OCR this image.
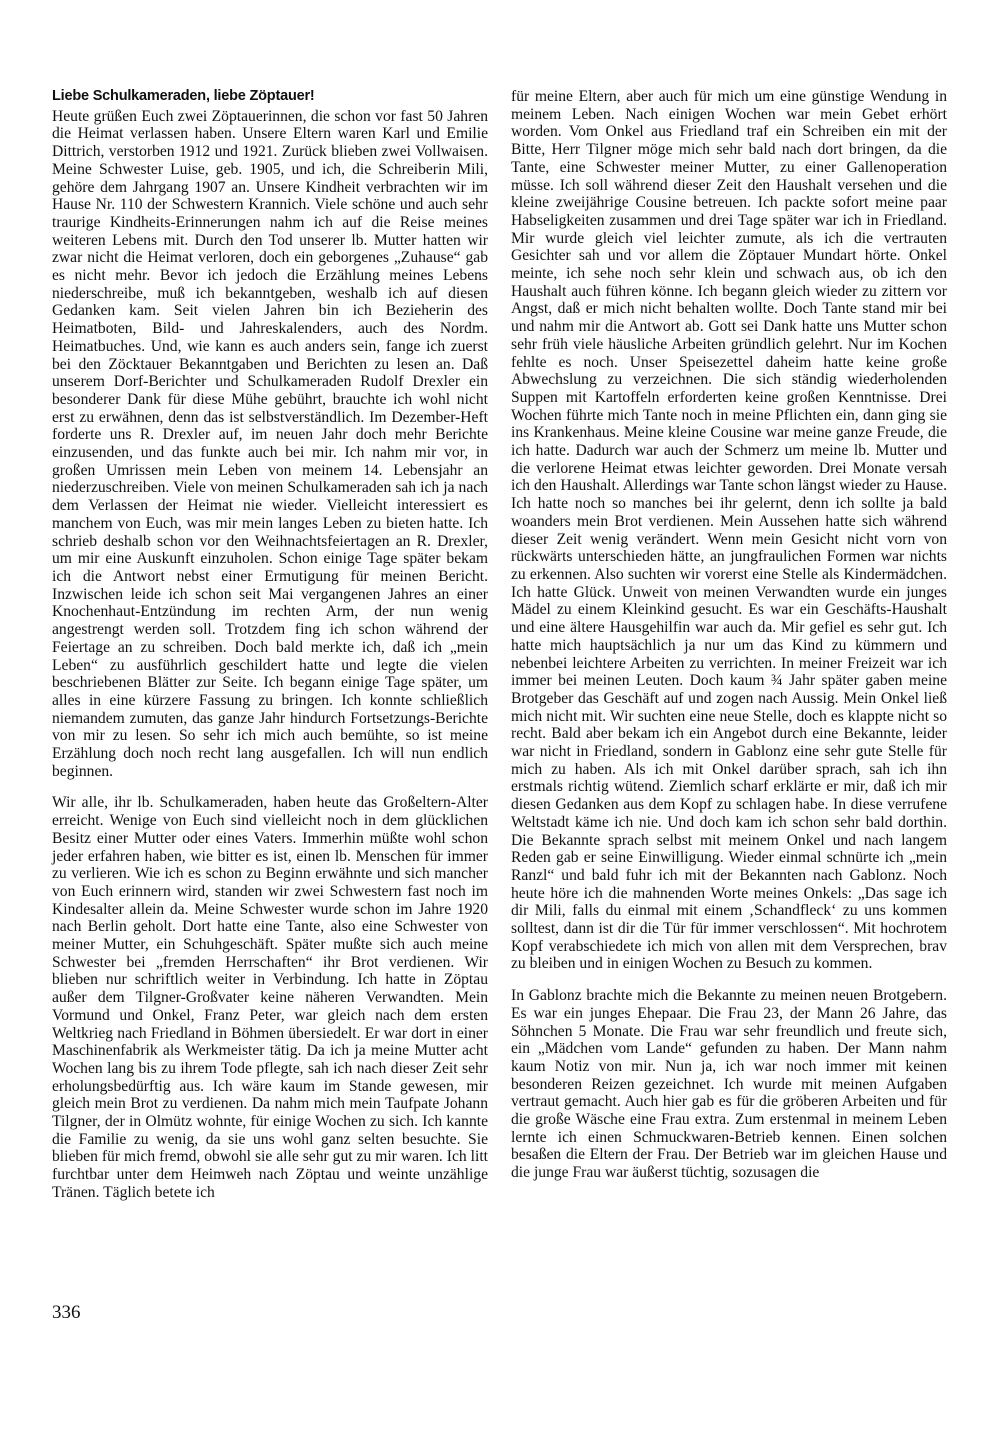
Liebe Schulkameraden, liebe Zöptauer!
Heute grüßen Euch zwei Zöptauerinnen, die schon vor fast 50 Jahren die Heimat verlassen haben. Unsere Eltern waren Karl und Emilie Dittrich, verstorben 1912 und 1921. Zurück blieben zwei Vollwaisen. Meine Schwester Luise, geb. 1905, und ich, die Schreiberin Mili, gehöre dem Jahrgang 1907 an. Unsere Kindheit verbrachten wir im Hause Nr. 110 der Schwestern Krannich. Viele schöne und auch sehr traurige Kindheits-Erinnerungen nahm ich auf die Reise meines weiteren Lebens mit. Durch den Tod unserer lb. Mutter hatten wir zwar nicht die Heimat verloren, doch ein geborgenes „Zuhause“ gab es nicht mehr. Bevor ich jedoch die Erzählung meines Lebens niederschreibe, muß ich bekanntgeben, weshalb ich auf diesen Gedanken kam. Seit vielen Jahren bin ich Bezieherin des Heimatboten, Bild- und Jahreskalenders, auch des Nordm. Heimatbuches. Und, wie kann es auch anders sein, fange ich zuerst bei den Zöcktauer Bekanntgaben und Berichten zu lesen an. Daß unserem Dorf-Berichter und Schulkameraden Rudolf Drexler ein besonderer Dank für diese Mühe gebührt, brauchte ich wohl nicht erst zu erwähnen, denn das ist selbstverständlich. Im Dezember-Heft forderte uns R. Drexler auf, im neuen Jahr doch mehr Berichte einzusenden, und das funkte auch bei mir. Ich nahm mir vor, in großen Umrissen mein Leben von meinem 14. Lebensjahr an niederzuschreiben. Viele von meinen Schulkameraden sah ich ja nach dem Verlassen der Heimat nie wieder. Vielleicht interessiert es manchem von Euch, was mir mein langes Leben zu bieten hatte. Ich schrieb deshalb schon vor den Weihnachtsfeiertagen an R. Drexler, um mir eine Auskunft einzuholen. Schon einige Tage später bekam ich die Antwort nebst einer Ermutigung für meinen Bericht. Inzwischen leide ich schon seit Mai vergangenen Jahres an einer Knochenhaut-Entzündung im rechten Arm, der nun wenig angestrengt werden soll. Trotzdem fing ich schon während der Feiertage an zu schreiben. Doch bald merkte ich, daß ich „mein Leben“ zu ausführlich geschildert hatte und legte die vielen beschriebenen Blätter zur Seite. Ich begann einige Tage später, um alles in eine kürzere Fassung zu bringen. Ich konnte schließlich niemandem zumuten, das ganze Jahr hindurch Fortsetzungs-Berichte von mir zu lesen. So sehr ich mich auch bemühte, so ist meine Erzählung doch noch recht lang ausgefallen. Ich will nun endlich beginnen.

Wir alle, ihr lb. Schulkameraden, haben heute das Großeltern-Alter erreicht. Wenige von Euch sind vielleicht noch in dem glücklichen Besitz einer Mutter oder eines Vaters. Immerhin müßte wohl schon jeder erfahren haben, wie bitter es ist, einen lb. Menschen für immer zu verlieren. Wie ich es schon zu Beginn erwähnte und sich mancher von Euch erinnern wird, standen wir zwei Schwestern fast noch im Kindesalter allein da. Meine Schwester wurde schon im Jahre 1920 nach Berlin geholt. Dort hatte eine Tante, also eine Schwester von meiner Mutter, ein Schuhgeschäft. Später mußte sich auch meine Schwester bei „fremden Herrschaften“ ihr Brot verdienen. Wir blieben nur schriftlich weiter in Verbindung. Ich hatte in Zöptau außer dem Tilgner-Großvater keine näheren Verwandten. Mein Vormund und Onkel, Franz Peter, war gleich nach dem ersten Weltkrieg nach Friedland in Böhmen übersiedelt. Er war dort in einer Maschinenfabrik als Werkmeister tätig. Da ich ja meine Mutter acht Wochen lang bis zu ihrem Tode pflegte, sah ich nach dieser Zeit sehr erholungsbedürftig aus. Ich wäre kaum im Stande gewesen, mir gleich mein Brot zu verdienen. Da nahm mich mein Taufpate Johann Tilgner, der in Olmütz wohnte, für einige Wochen zu sich. Ich kannte die Familie zu wenig, da sie uns wohl ganz selten besuchte. Sie blieben für mich fremd, obwohl sie alle sehr gut zu mir waren. Ich litt furchtbar unter dem Heimweh nach Zöptau und weinte unzählige Tränen. Täglich betete ich

für meine Eltern, aber auch für mich um eine günstige Wendung in meinem Leben. Nach einigen Wochen war mein Gebet erhört worden. Vom Onkel aus Friedland traf ein Schreiben ein mit der Bitte, Herr Tilgner möge mich sehr bald nach dort bringen, da die Tante, eine Schwester meiner Mutter, zu einer Gallenoperation müsse. Ich soll während dieser Zeit den Haushalt versehen und die kleine zweijährige Cousine betreuen. Ich packte sofort meine paar Habseligkeiten zusammen und drei Tage später war ich in Friedland. Mir wurde gleich viel leichter zumute, als ich die vertrauten Gesichter sah und vor allem die Zöptauer Mundart hörte. Onkel meinte, ich sehe noch sehr klein und schwach aus, ob ich den Haushalt auch führen könne. Ich begann gleich wieder zu zittern vor Angst, daß er mich nicht behalten wollte. Doch Tante stand mir bei und nahm mir die Antwort ab. Gott sei Dank hatte uns Mutter schon sehr früh viele häusliche Arbeiten gründlich gelehrt. Nur im Kochen fehlte es noch. Unser Speisezettel daheim hatte keine große Abwechslung zu verzeichnen. Die sich ständig wiederholenden Suppen mit Kartoffeln erforderten keine großen Kenntnisse. Drei Wochen führte mich Tante noch in meine Pflichten ein, dann ging sie ins Krankenhaus. Meine kleine Cousine war meine ganze Freude, die ich hatte. Dadurch war auch der Schmerz um meine lb. Mutter und die verlorene Heimat etwas leichter geworden. Drei Monate versah ich den Haushalt. Allerdings war Tante schon längst wieder zu Hause. Ich hatte noch so manches bei ihr gelernt, denn ich sollte ja bald woanders mein Brot verdienen. Mein Aussehen hatte sich während dieser Zeit wenig verändert. Wenn mein Gesicht nicht vorn von rückwärts unterschieden hätte, an jungfraulichen Formen war nichts zu erkennen. Also suchten wir vorerst eine Stelle als Kindermädchen. Ich hatte Glück. Unweit von meinen Verwandten wurde ein junges Mädel zu einem Kleinkind gesucht. Es war ein Geschäfts-Haushalt und eine ältere Hausgehilfin war auch da. Mir gefiel es sehr gut. Ich hatte mich hauptsächlich ja nur um das Kind zu kümmern und nebenbei leichtere Arbeiten zu verrichten. In meiner Freizeit war ich immer bei meinen Leuten. Doch kaum ¾ Jahr später gaben meine Brotgeber das Geschäft auf und zogen nach Aussig. Mein Onkel ließ mich nicht mit. Wir suchten eine neue Stelle, doch es klappte nicht so recht. Bald aber bekam ich ein Angebot durch eine Bekannte, leider war nicht in Friedland, sondern in Gablonz eine sehr gute Stelle für mich zu haben. Als ich mit Onkel darüber sprach, sah ich ihn erstmals richtig wütend. Ziemlich scharf erklärte er mir, daß ich mir diesen Gedanken aus dem Kopf zu schlagen habe. In diese verrufene Weltstadt käme ich nie. Und doch kam ich schon sehr bald dorthin. Die Bekannte sprach selbst mit meinem Onkel und nach langem Reden gab er seine Einwilligung. Wieder einmal schnürte ich „mein Ranzl“ und bald fuhr ich mit der Bekannten nach Gablonz. Noch heute höre ich die mahnenden Worte meines Onkels: „Das sage ich dir Mili, falls du einmal mit einem ‚Schandfleck‘ zu uns kommen solltest, dann ist dir die Tür für immer verschlossen“. Mit hochrotem Kopf verabschiedete ich mich von allen mit dem Versprechen, brav zu bleiben und in einigen Wochen zu Besuch zu kommen.

In Gablonz brachte mich die Bekannte zu meinen neuen Brotgebern. Es war ein junges Ehepaar. Die Frau 23, der Mann 26 Jahre, das Söhnchen 5 Monate. Die Frau war sehr freundlich und freute sich, ein „Mädchen vom Lande“ gefunden zu haben. Der Mann nahm kaum Notiz von mir. Nun ja, ich war noch immer mit keinen besonderen Reizen gezeichnet. Ich wurde mit meinen Aufgaben vertraut gemacht. Auch hier gab es für die gröberen Arbeiten und für die große Wäsche eine Frau extra. Zum erstenmal in meinem Leben lernte ich einen Schmuckwaren-Betrieb kennen. Einen solchen besaßen die Eltern der Frau. Der Betrieb war im gleichen Hause und die junge Frau war äußerst tüchtig, sozusagen die

336
